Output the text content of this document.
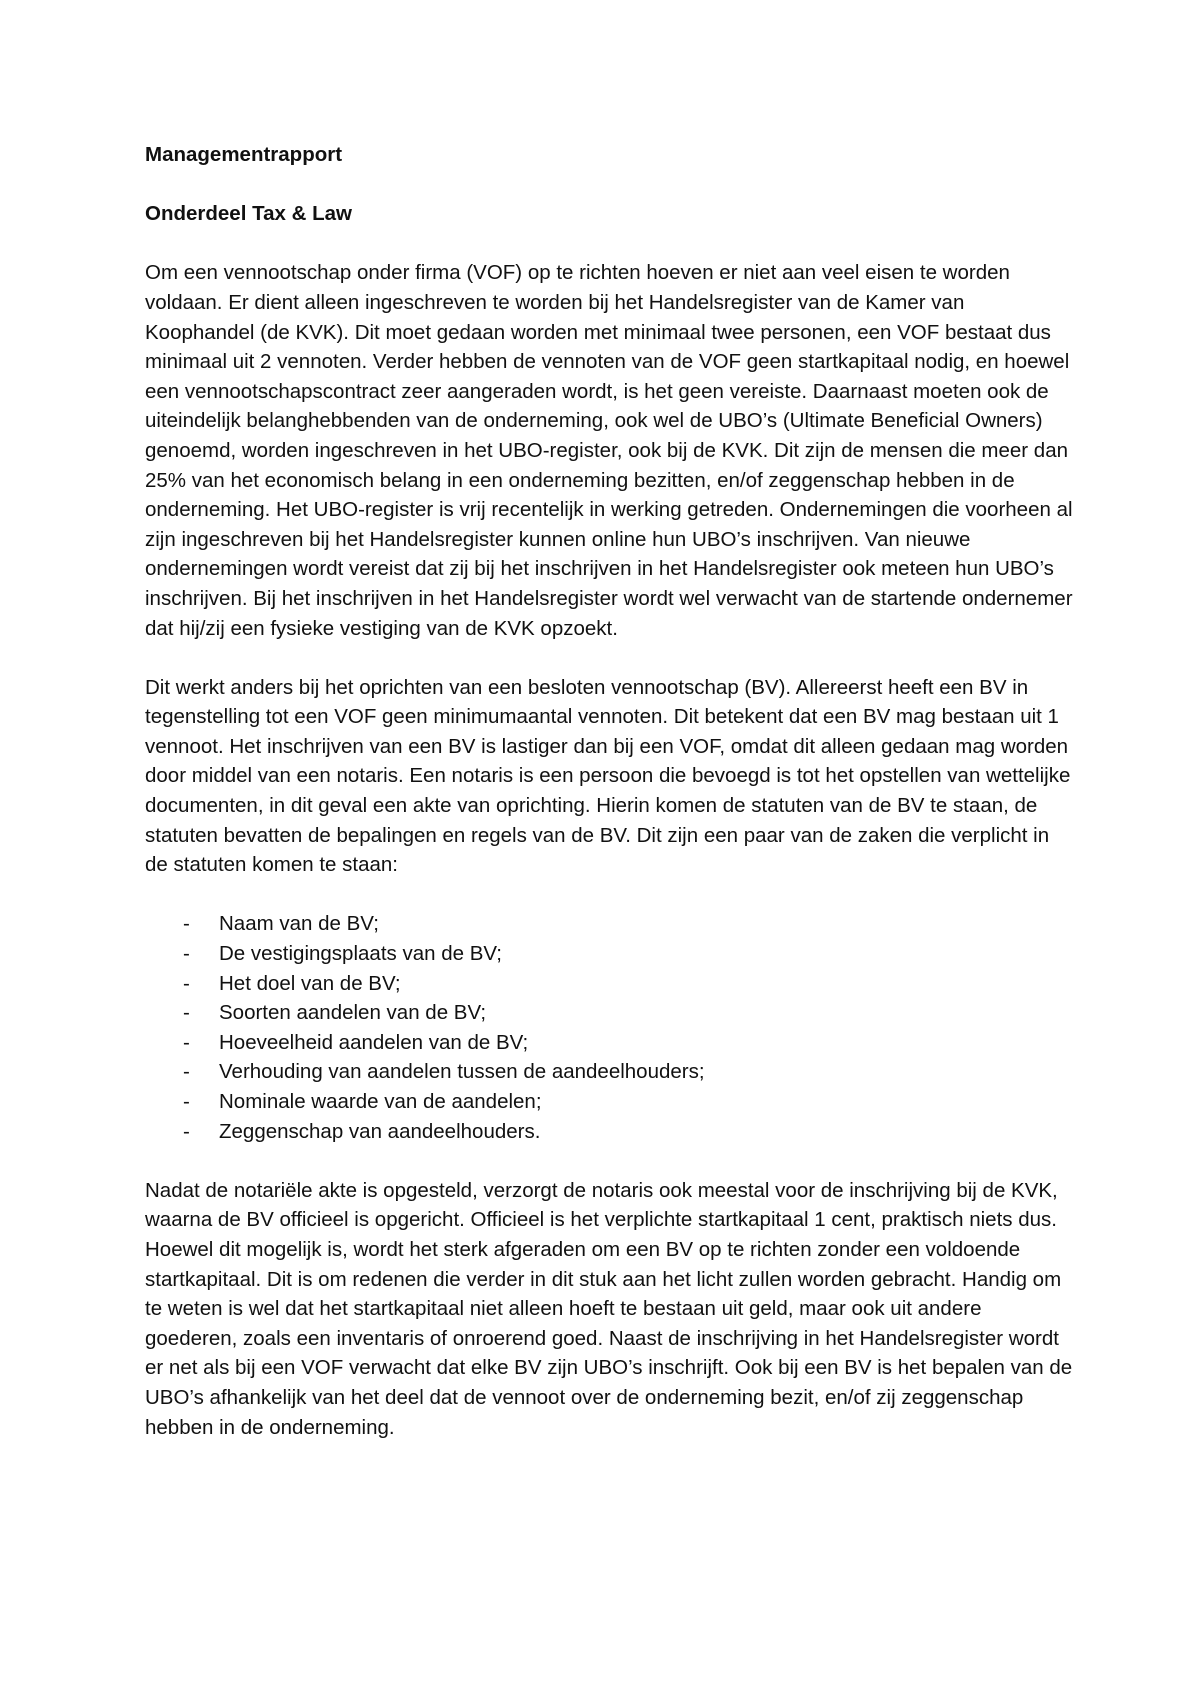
Managementrapport
Onderdeel Tax & Law

Om een vennootschap onder firma (VOF) op te richten hoeven er niet aan veel eisen te worden voldaan. Er dient alleen ingeschreven te worden bij het Handelsregister van de Kamer van Koophandel (de KVK). Dit moet gedaan worden met minimaal twee personen, een VOF bestaat dus minimaal uit 2 vennoten. Verder hebben de vennoten van de VOF geen startkapitaal nodig, en hoewel een vennootschapscontract zeer aangeraden wordt, is het geen vereiste. Daarnaast moeten ook de uiteindelijk belanghebbenden van de onderneming, ook wel de UBO’s (Ultimate Beneficial Owners) genoemd, worden ingeschreven in het UBO-register, ook bij de KVK. Dit zijn de mensen die meer dan 25% van het economisch belang in een onderneming bezitten, en/of zeggenschap hebben in de onderneming. Het UBO-register is vrij recentelijk in werking getreden. Ondernemingen die voorheen al zijn ingeschreven bij het Handelsregister kunnen online hun UBO’s inschrijven. Van nieuwe ondernemingen wordt vereist dat zij bij het inschrijven in het Handelsregister ook meteen hun UBO’s inschrijven. Bij het inschrijven in het Handelsregister wordt wel verwacht van de startende ondernemer dat hij/zij een fysieke vestiging van de KVK opzoekt.

Dit werkt anders bij het oprichten van een besloten vennootschap (BV). Allereerst heeft een BV in tegenstelling tot een VOF geen minimumaantal vennoten. Dit betekent dat een BV mag bestaan uit 1 vennoot. Het inschrijven van een BV is lastiger dan bij een VOF, omdat dit alleen gedaan mag worden door middel van een notaris. Een notaris is een persoon die bevoegd is tot het opstellen van wettelijke documenten, in dit geval een akte van oprichting. Hierin komen de statuten van de BV te staan, de statuten bevatten de bepalingen en regels van de BV. Dit zijn een paar van de zaken die verplicht in de statuten komen te staan:

- Naam van de BV;
- De vestigingsplaats van de BV;
- Het doel van de BV;
- Soorten aandelen van de BV;
- Hoeveelheid aandelen van de BV;
- Verhouding van aandelen tussen de aandeelhouders;
- Nominale waarde van de aandelen;
- Zeggenschap van aandeelhouders.

Nadat de notariële akte is opgesteld, verzorgt de notaris ook meestal voor de inschrijving bij de KVK, waarna de BV officieel is opgericht. Officieel is het verplichte startkapitaal 1 cent, praktisch niets dus. Hoewel dit mogelijk is, wordt het sterk afgeraden om een BV op te richten zonder een voldoende startkapitaal. Dit is om redenen die verder in dit stuk aan het licht zullen worden gebracht. Handig om te weten is wel dat het startkapitaal niet alleen hoeft te bestaan uit geld, maar ook uit andere goederen, zoals een inventaris of onroerend goed. Naast de inschrijving in het Handelsregister wordt er net als bij een VOF verwacht dat elke BV zijn UBO’s inschrijft. Ook bij een BV is het bepalen van de UBO’s afhankelijk van het deel dat de vennoot over de onderneming bezit, en/of zij zeggenschap hebben in de onderneming.
